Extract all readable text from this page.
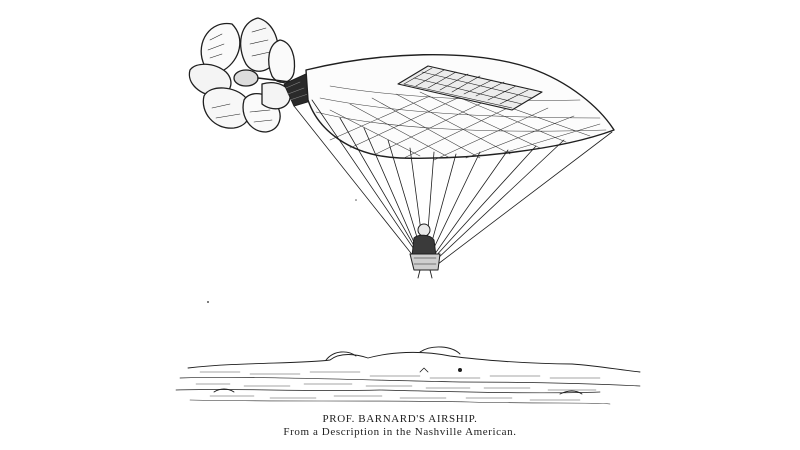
PROF. BARNARD'S AIRSHIP.
From a Description in the Nashville American.
